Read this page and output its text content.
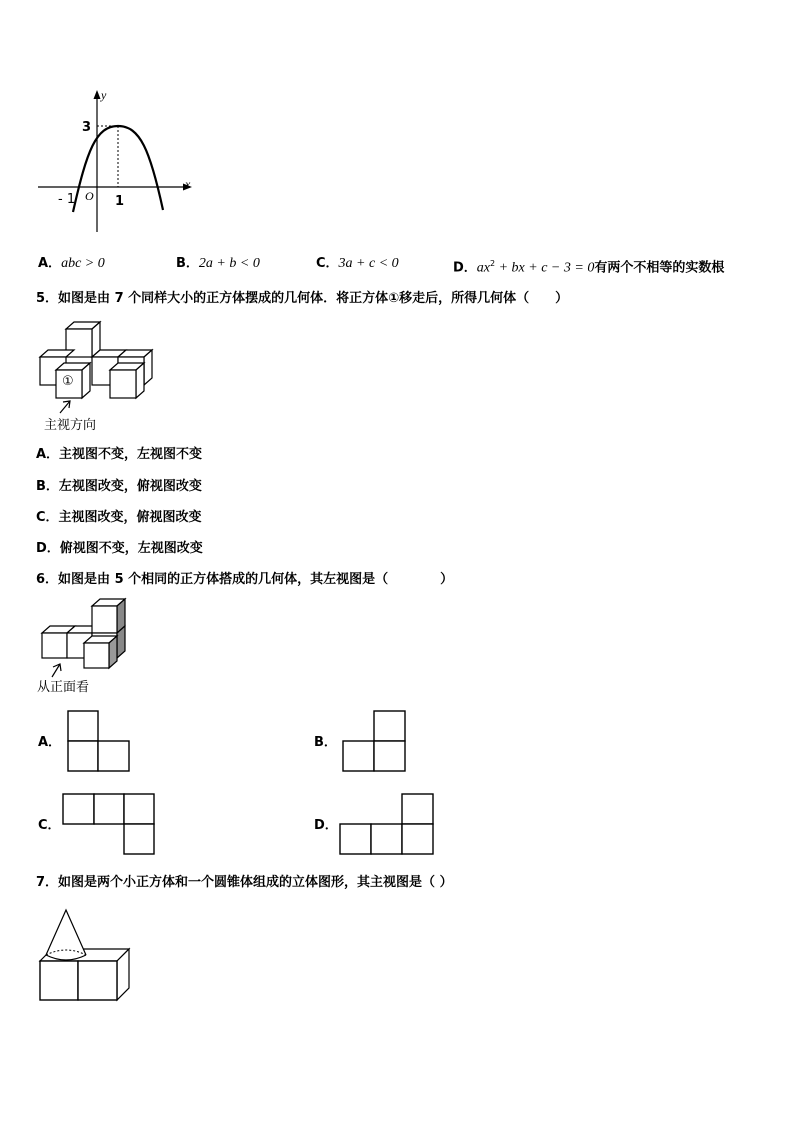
y
x
3
- 1 O 1
A．abc > 0	B．2a + b < 0	C．3a + c < 0	D．$ax^2$ + bx + c − 3 = 0有两个不相等的实数根
5．如图是由 7 个同样大小的正方体摆成的几何体．将正方体①移走后，所得几何体（　　）
①
主视方向
A．主视图不变，左视图不变
B．左视图改变，俯视图改变
C．主视图改变，俯视图改变
D．俯视图不变，左视图改变
6．如图是由 5 个相同的正方体搭成的几何体，其左视图是（　　　　）
从正面看
A．	B．
C．	D．
7．如图是两个小正方体和一个圆锥体组成的立体图形，其主视图是（ ）
